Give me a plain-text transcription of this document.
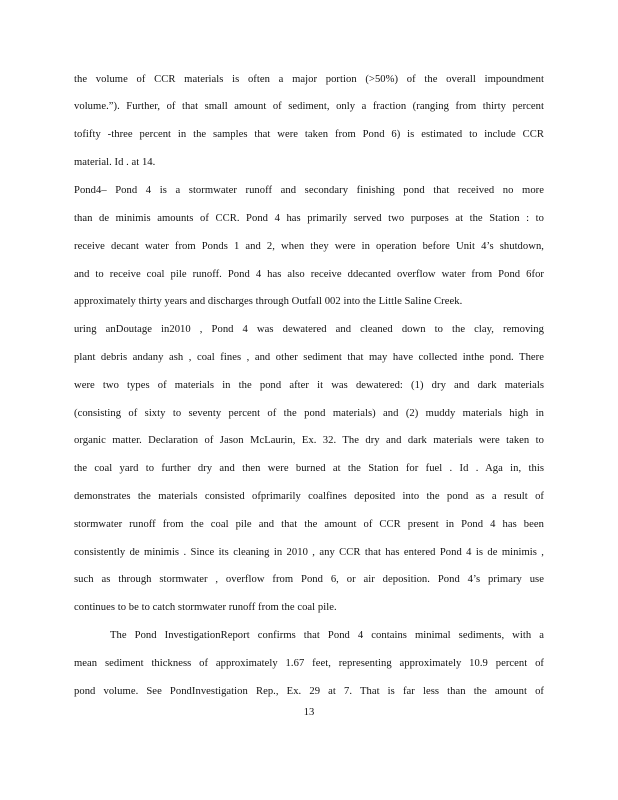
the volume of CCR materials is often a major portion (>50%) of the overall impoundment
volume.”). Further, of that small amount of sediment, only a fraction (ranging from thirty percent
tofifty -three percent in the samples that were taken from Pond 6) is estimated to include CCR
material. Id . at 14.
Pond4– Pond 4 is a stormwater runoff and secondary finishing pond that received no more
than de minimis amounts of CCR. Pond 4 has primarily served two purposes at the Station : to
receive decant water from Ponds 1 and 2, when they were in operation before Unit 4’s shutdown,
and to receive coal pile runoff. Pond 4 has also receive ddecanted overflow water from Pond 6for
approximately thirty years and discharges through Outfall 002 into the Little Saline Creek.
uring anDoutage in2010 , Pond 4 was dewatered and cleaned down to the clay, removing
plant debris andany ash , coal fines , and other sediment that may have collected inthe pond. There
were two types of materials in the pond after it was dewatered: (1) dry and dark materials
(consisting of sixty to seventy percent of the pond materials) and (2) muddy materials high in
organic matter. Declaration of Jason McLaurin, Ex. 32. The dry and dark materials were taken to
the coal yard to further dry and then were burned at the Station for fuel . Id . Aga in, this
demonstrates the materials consisted ofprimarily coalfines deposited into the pond as a result of
stormwater runoff from the coal pile and that the amount of CCR present in Pond 4 has been
consistently de minimis . Since its cleaning in 2010 , any CCR that has entered Pond 4 is de minimis ,
such as through stormwater , overflow from Pond 6, or air deposition. Pond 4’s primary use
continues to be to catch stormwater runoff from the coal pile.
The Pond InvestigationReport confirms that Pond 4 contains minimal sediments, with a
mean sediment thickness of approximately 1.67 feet, representing approximately 10.9 percent of
pond volume. See PondInvestigation Rep., Ex. 29 at 7. That is far less than the amount of
13
